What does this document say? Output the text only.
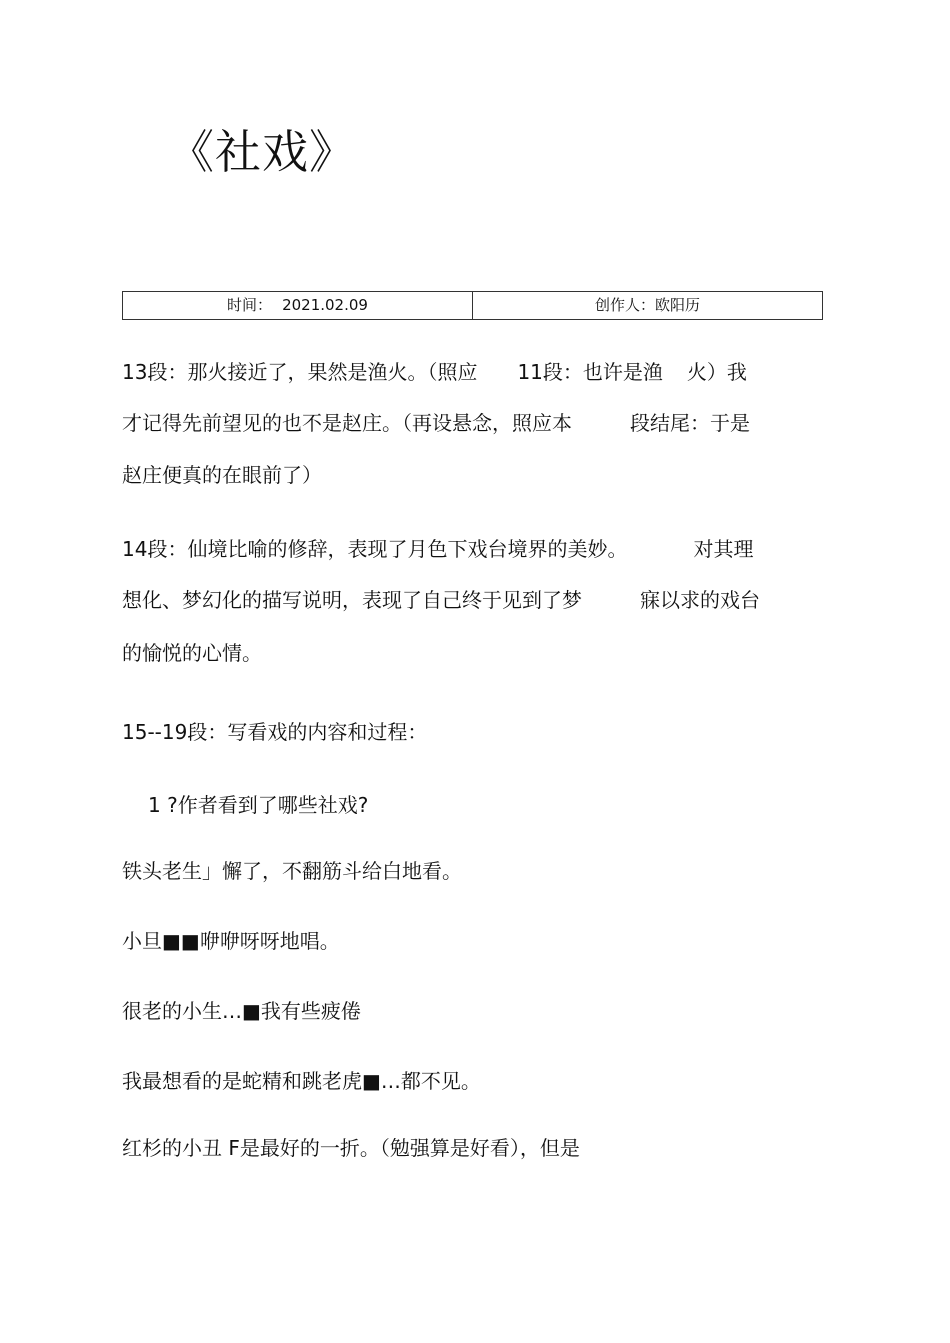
《社戏》
时间： 2021.02.09	创作人： 欧阳历
13段：那火接近了，果然是渔火。（照应 11段：也许是渔 火）我
才记得先前望见的也不是赵庄。（再设悬念，照应本	段结尾：于是
赵庄便真的在眼前了）
14段：仙境比喻的修辞，表现了月色下戏台境界的美妙。	对其理
想化、梦幻化的描写说明，表现了自己终于见到了梦	寐以求的戏台
的愉悦的心情。
15--19段：写看戏的内容和过程：
1 ?作者看到了哪些社戏?
铁头老生」懈了，不翻筋斗给白地看。
小旦■■咿咿呀呀地唱。
很老的小生…■我有些疲倦
我最想看的是蛇精和跳老虎■…都不见。
红杉的小丑 F是最好的一折。（勉强算是好看），但是
